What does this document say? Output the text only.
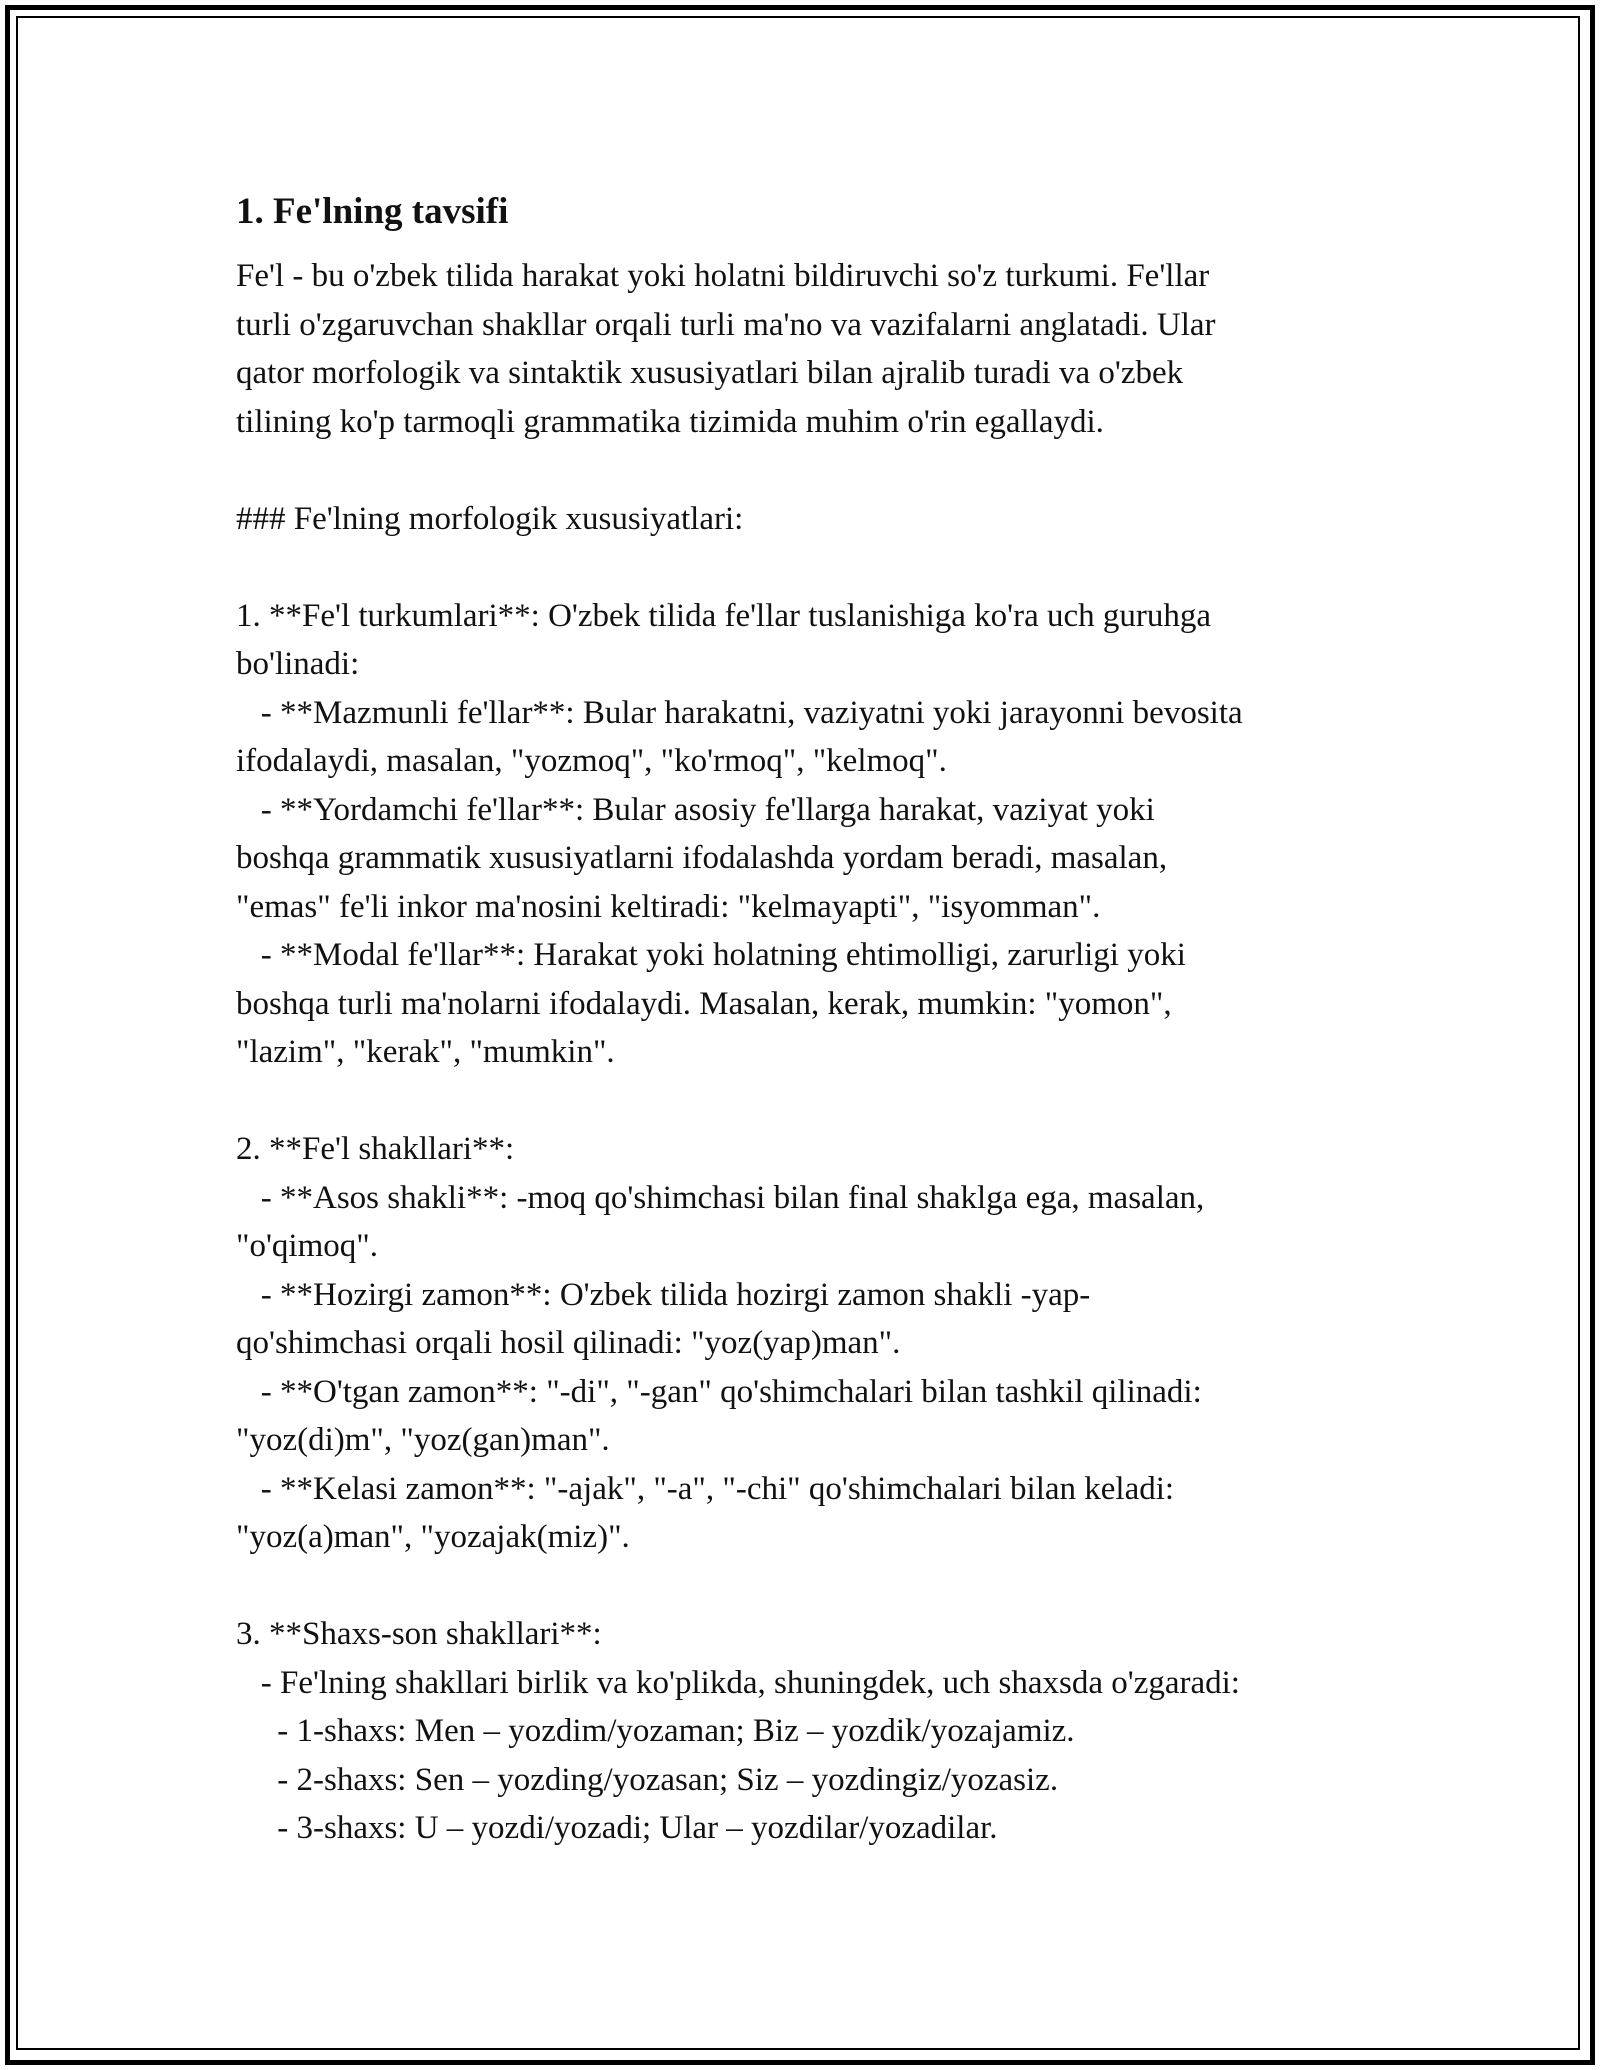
1. Fe'lning tavsifi
Fe'l - bu o'zbek tilida harakat yoki holatni bildiruvchi so'z turkumi. Fe'llar
turli o'zgaruvchan shakllar orqali turli ma'no va vazifalarni anglatadi. Ular
qator morfologik va sintaktik xususiyatlari bilan ajralib turadi va o'zbek
tilining ko'p tarmoqli grammatika tizimida muhim o'rin egallaydi.
### Fe'lning morfologik xususiyatlari:
1. **Fe'l turkumlari**: O'zbek tilida fe'llar tuslanishiga ko'ra uch guruhga
bo'linadi:
- **Mazmunli fe'llar**: Bular harakatni, vaziyatni yoki jarayonni bevosita
ifodalaydi, masalan, "yozmoq", "ko'rmoq", "kelmoq".
- **Yordamchi fe'llar**: Bular asosiy fe'llarga harakat, vaziyat yoki
boshqa grammatik xususiyatlarni ifodalashda yordam beradi, masalan,
"emas" fe'li inkor ma'nosini keltiradi: "kelmayapti", "isyomman".
- **Modal fe'llar**: Harakat yoki holatning ehtimolligi, zarurligi yoki
boshqa turli ma'nolarni ifodalaydi. Masalan, kerak, mumkin: "yomon",
"lazim", "kerak", "mumkin".
2. **Fe'l shakllari**:
- **Asos shakli**: -moq qo'shimchasi bilan final shaklga ega, masalan,
"o'qimoq".
- **Hozirgi zamon**: O'zbek tilida hozirgi zamon shakli -yap-
qo'shimchasi orqali hosil qilinadi: "yoz(yap)man".
- **O'tgan zamon**: "-di", "-gan" qo'shimchalari bilan tashkil qilinadi:
"yoz(di)m", "yoz(gan)man".
- **Kelasi zamon**: "-ajak", "-a", "-chi" qo'shimchalari bilan keladi:
"yoz(a)man", "yozajak(miz)".
3. **Shaxs-son shakllari**:
- Fe'lning shakllari birlik va ko'plikda, shuningdek, uch shaxsda o'zgaradi:
- 1-shaxs: Men – yozdim/yozaman; Biz – yozdik/yozajamiz.
- 2-shaxs: Sen – yozding/yozasan; Siz – yozdingiz/yozasiz.
- 3-shaxs: U – yozdi/yozadi; Ular – yozdilar/yozadilar.
